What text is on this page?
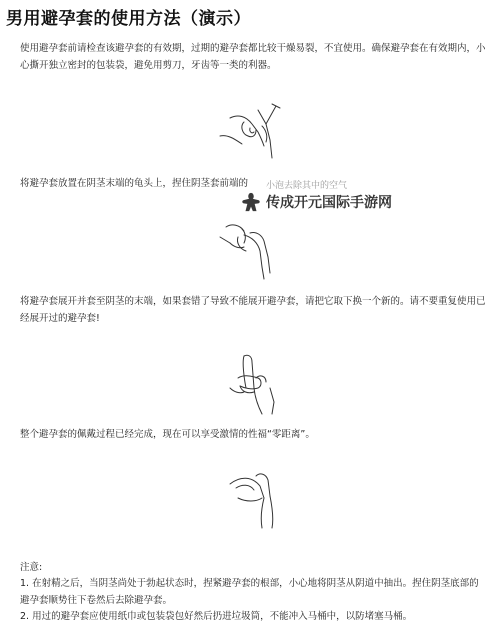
男用避孕套的使用方法（演示）
使用避孕套前请检查该避孕套的有效期，过期的避孕套都比较干燥易裂，不宜使用。确保避孕套在有效期内，小心撕开独立密封的包装袋，避免用剪刀，牙齿等一类的利器。
将避孕套放置在阴茎末端的龟头上，捏住阴茎套前端的	小泡去除其中的空气
传成开元国际手游网
将避孕套展开并套至阴茎的末端，如果套错了导致不能展开避孕套，请把它取下换一个新的。请不要重复使用已经展开过的避孕套!
整个避孕套的佩戴过程已经完成，现在可以享受激情的性福“零距离”。
注意:
1. 在射精之后，当阴茎尚处于勃起状态时，捏紧避孕套的根部，小心地将阴茎从阴道中抽出。捏住阴茎底部的避孕套顺势往下卷然后去除避孕套。
2. 用过的避孕套应使用纸巾或包装袋包好然后扔进垃圾筒，不能冲入马桶中，以防堵塞马桶。
